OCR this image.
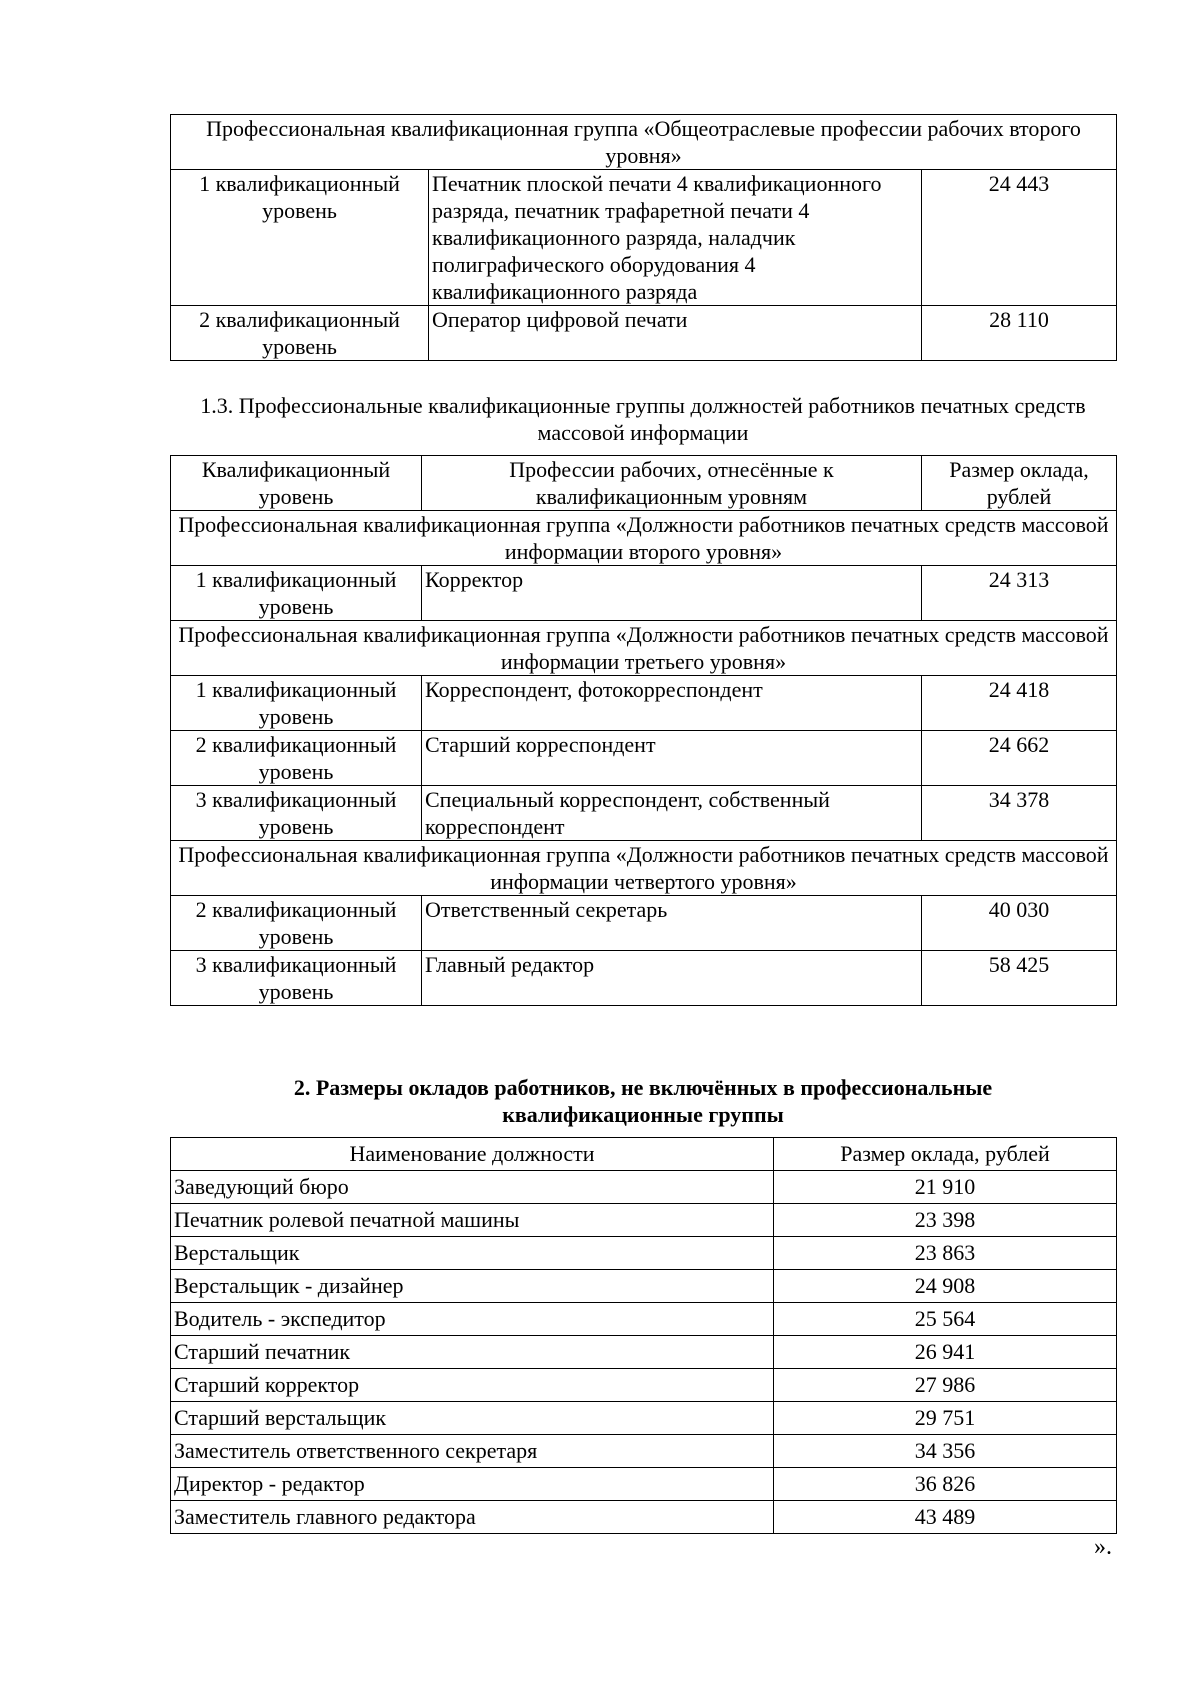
Профессиональная квалификационная группа «Общеотраслевые профессии рабочих второго уровня»		
1 квалификационный уровень	Печатник плоской печати 4 квалификационного разряда, печатник трафаретной печати 4 квалификационного разряда, наладчик полиграфического оборудования 4 квалификационного разряда	24 443
2 квалификационный уровень	Оператор цифровой печати	28 110
1.3. Профессиональные квалификационные группы должностей работников печатных средств массовой информации
Квалификационный уровень	Профессии рабочих, отнесённые к квалификационным уровням	Размер оклада, рублей
Профессиональная квалификационная группа «Должности работников печатных средств массовой информации второго уровня»		
1 квалификационный уровень	Корректор	24 313
Профессиональная квалификационная группа «Должности работников печатных средств массовой информации третьего уровня»		
1 квалификационный уровень	Корреспондент, фотокорреспондент	24 418
2 квалификационный уровень	Старший корреспондент	24 662
3 квалификационный уровень	Специальный корреспондент, собственный корреспондент	34 378
Профессиональная квалификационная группа «Должности работников печатных средств массовой информации четвертого уровня»		
2 квалификационный уровень	Ответственный секретарь	40 030
3 квалификационный уровень	Главный редактор	58 425
2. Размеры окладов работников, не включённых в профессиональные квалификационные группы
Наименование должности	Размер оклада, рублей
Заведующий бюро	21 910
Печатник ролевой печатной машины	23 398
Верстальщик	23 863
Верстальщик - дизайнер	24 908
Водитель - экспедитор	25 564
Старший печатник	26 941
Старший корректор	27 986
Старший верстальщик	29 751
Заместитель ответственного секретаря	34 356
Директор - редактор	36 826
Заместитель главного редактора	43 489
».
